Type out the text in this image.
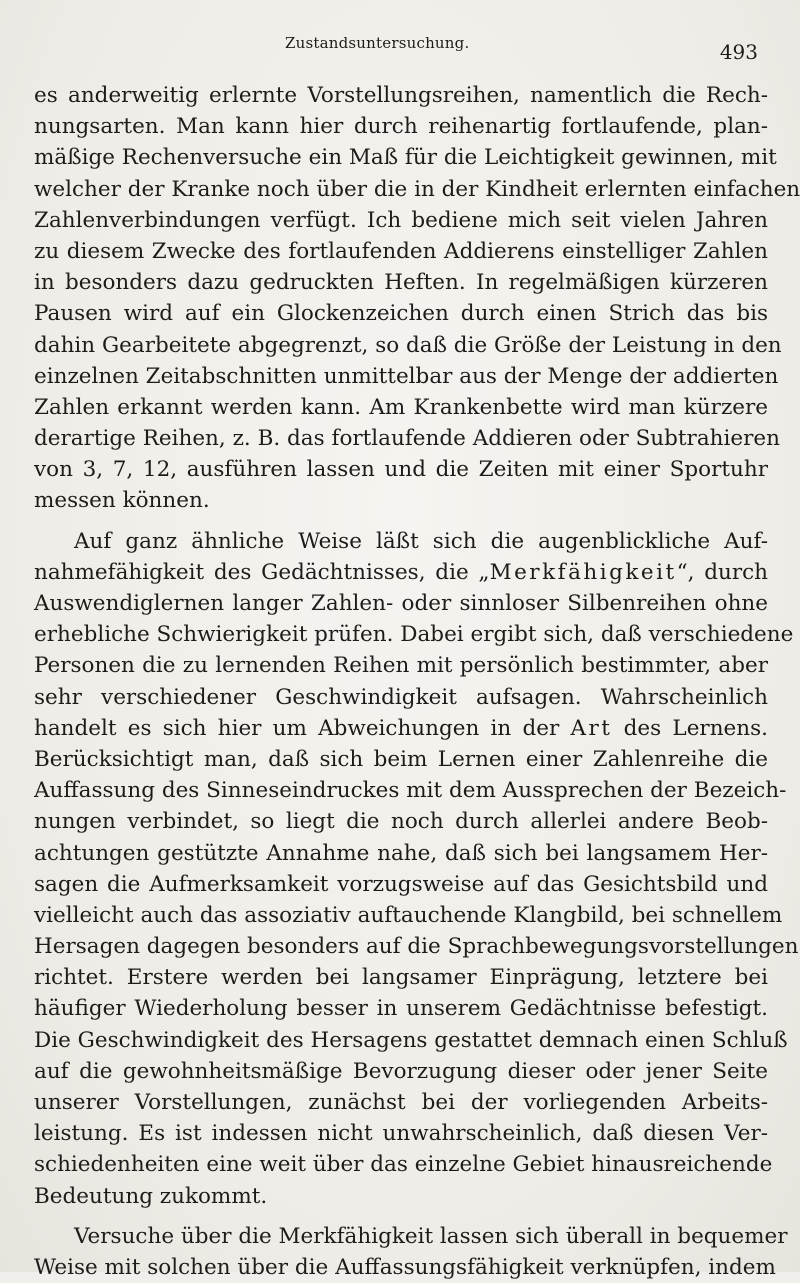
Zustandsuntersuchung.	493
es anderweitig erlernte Vorstellungsreihen, namentlich die Rech-
nungsarten. Man kann hier durch reihenartig fortlaufende, plan-
mäßige Rechenversuche ein Maß für die Leichtigkeit gewinnen, mit
welcher der Kranke noch über die in der Kindheit erlernten einfachen
Zahlenverbindungen verfügt. Ich bediene mich seit vielen Jahren
zu diesem Zwecke des fortlaufenden Addierens einstelliger Zahlen
in besonders dazu gedruckten Heften. In regelmäßigen kürzeren
Pausen wird auf ein Glockenzeichen durch einen Strich das bis
dahin Gearbeitete abgegrenzt, so daß die Größe der Leistung in den
einzelnen Zeitabschnitten unmittelbar aus der Menge der addierten
Zahlen erkannt werden kann. Am Krankenbette wird man kürzere
derartige Reihen, z. B. das fortlaufende Addieren oder Subtrahieren
von 3, 7, 12, ausführen lassen und die Zeiten mit einer Sportuhr
messen können.
Auf ganz ähnliche Weise läßt sich die augenblickliche Auf-
nahmefähigkeit des Gedächtnisses, die „Merkfähigkeit“, durch
Auswendiglernen langer Zahlen- oder sinnloser Silbenreihen ohne
erhebliche Schwierigkeit prüfen. Dabei ergibt sich, daß verschiedene
Personen die zu lernenden Reihen mit persönlich bestimmter, aber
sehr verschiedener Geschwindigkeit aufsagen. Wahrscheinlich
handelt es sich hier um Abweichungen in der Art des Lernens.
Berücksichtigt man, daß sich beim Lernen einer Zahlenreihe die
Auffassung des Sinneseindruckes mit dem Aussprechen der Bezeich-
nungen verbindet, so liegt die noch durch allerlei andere Beob-
achtungen gestützte Annahme nahe, daß sich bei langsamem Her-
sagen die Aufmerksamkeit vorzugsweise auf das Gesichtsbild und
vielleicht auch das assoziativ auftauchende Klangbild, bei schnellem
Hersagen dagegen besonders auf die Sprachbewegungsvorstellungen
richtet. Erstere werden bei langsamer Einprägung, letztere bei
häufiger Wiederholung besser in unserem Gedächtnisse befestigt.
Die Geschwindigkeit des Hersagens gestattet demnach einen Schluß
auf die gewohnheitsmäßige Bevorzugung dieser oder jener Seite
unserer Vorstellungen, zunächst bei der vorliegenden Arbeits-
leistung. Es ist indessen nicht unwahrscheinlich, daß diesen Ver-
schiedenheiten eine weit über das einzelne Gebiet hinausreichende
Bedeutung zukommt.
Versuche über die Merkfähigkeit lassen sich überall in bequemer
Weise mit solchen über die Auffassungsfähigkeit verknüpfen, indem
